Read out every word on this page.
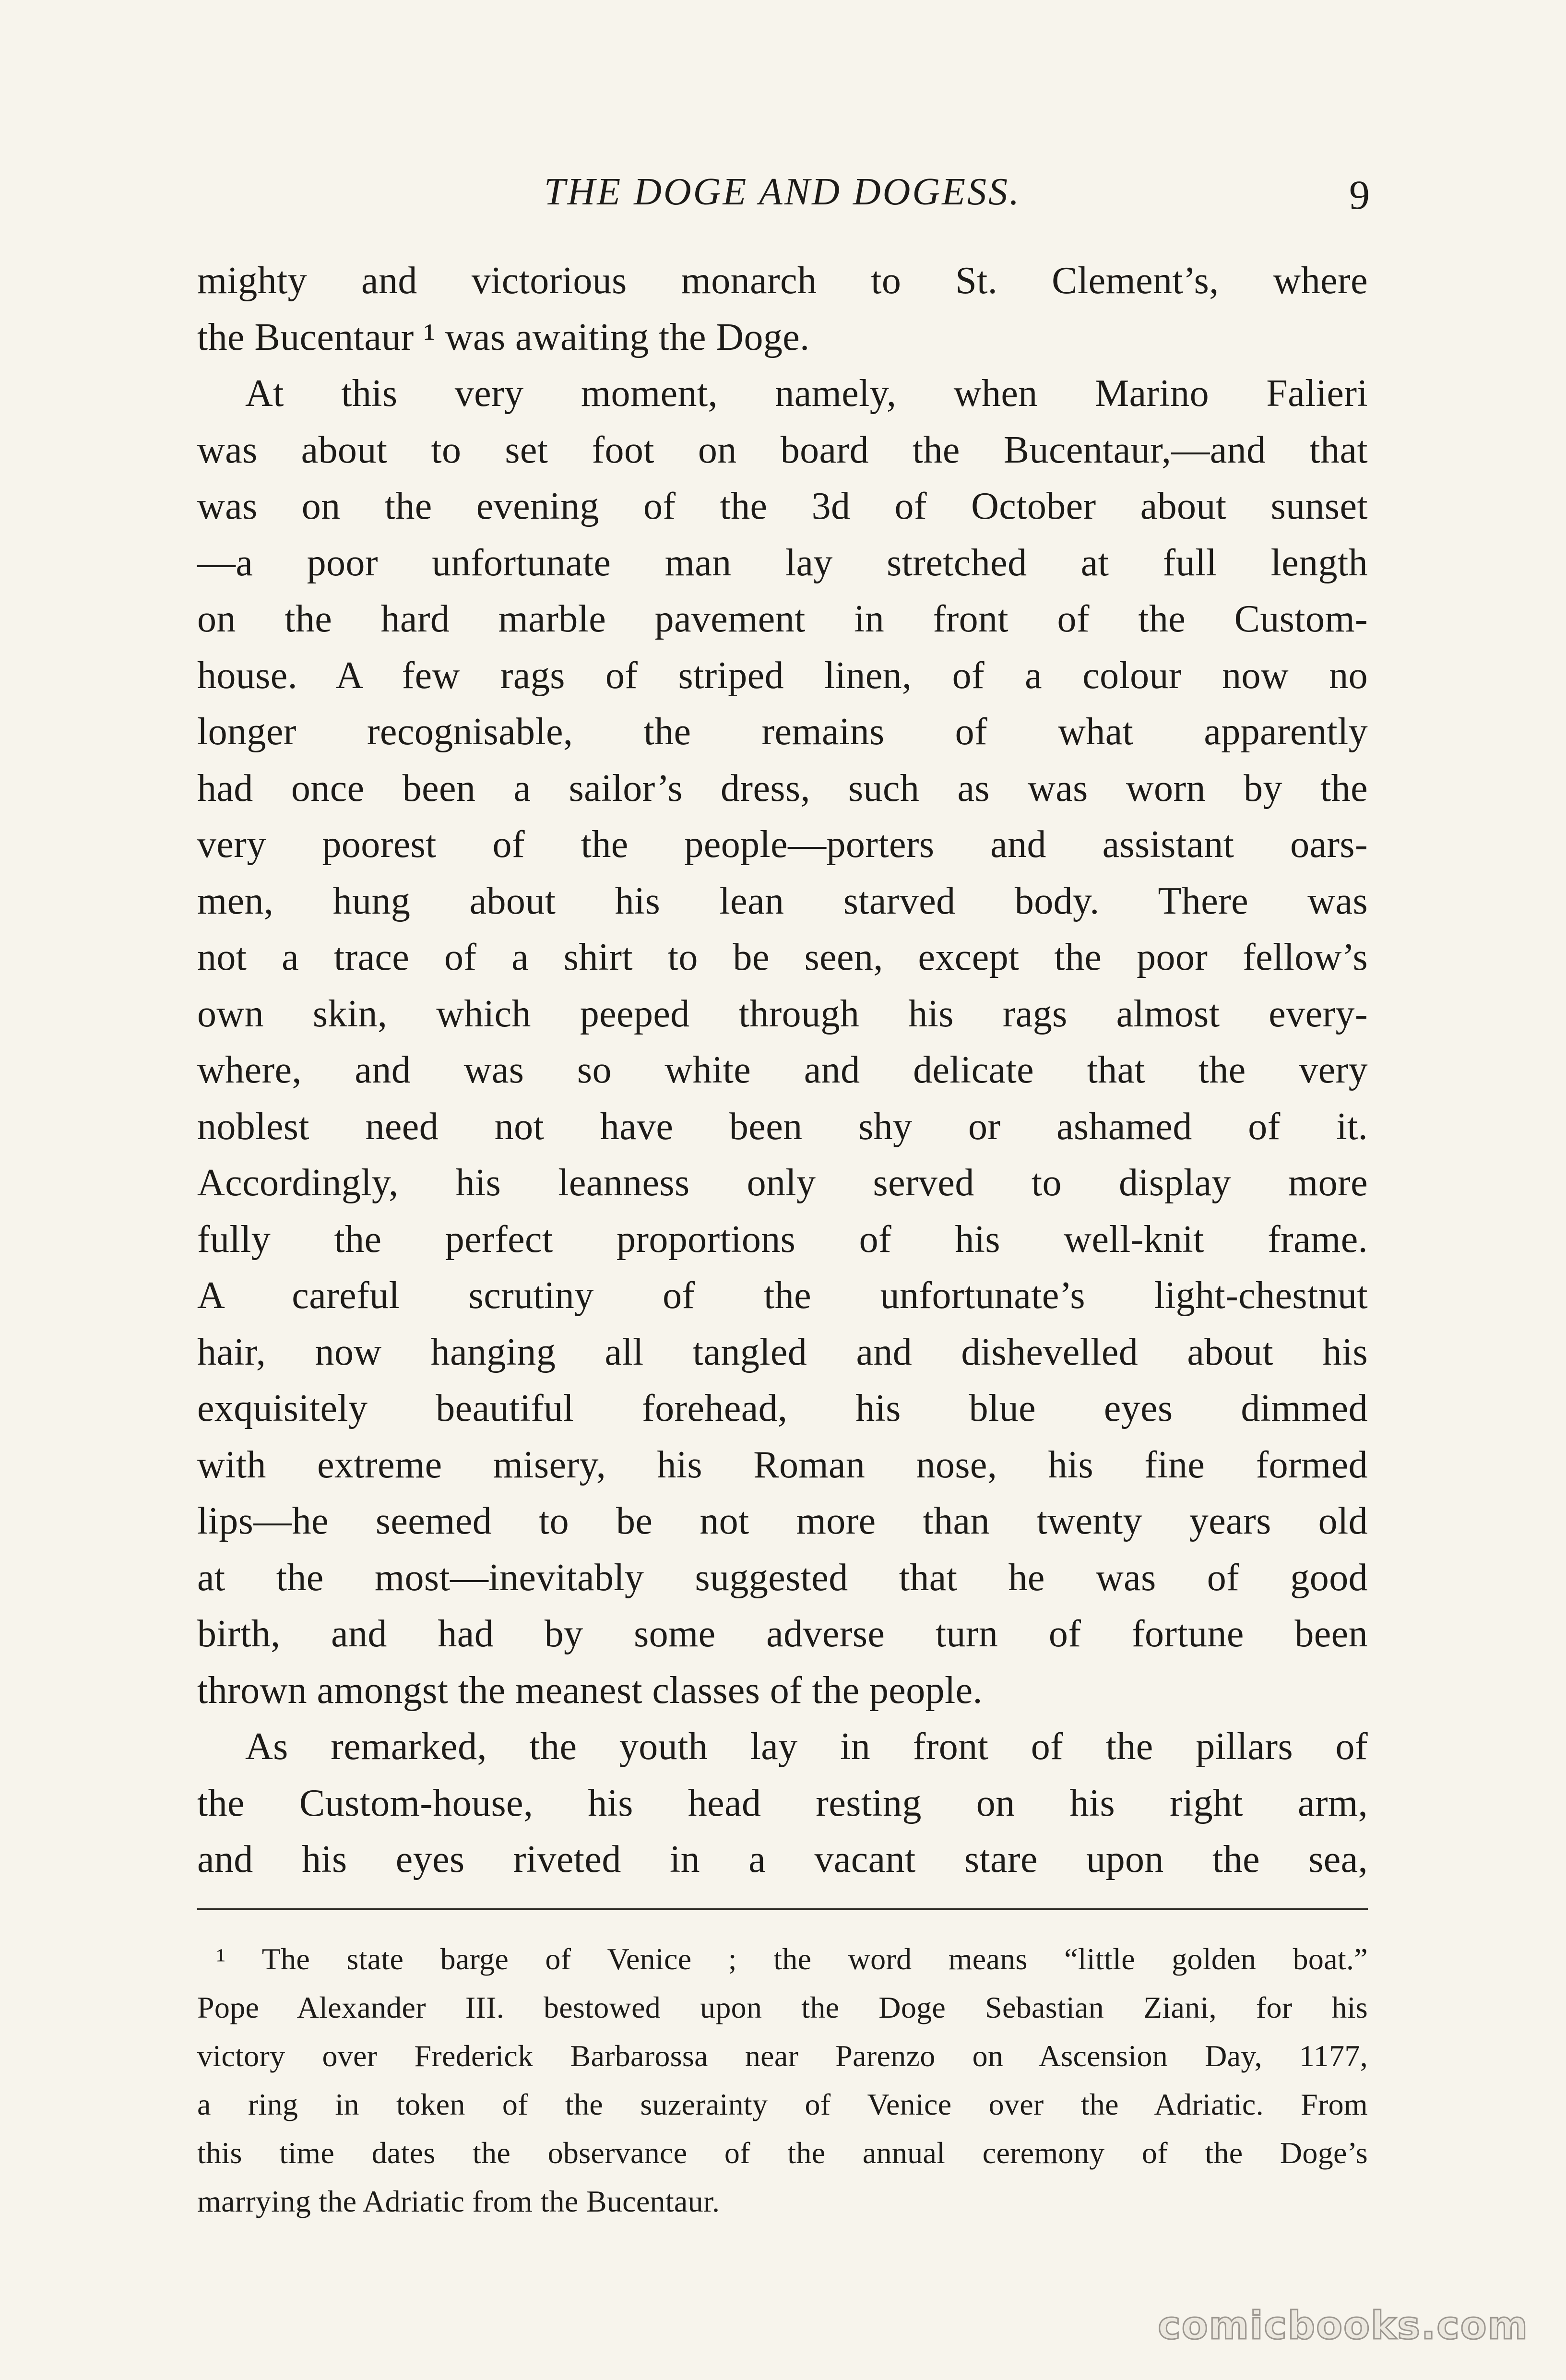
THE DOGE AND DOGESS.	9
mighty and victorious monarch to St. Clement’s, where
the Bucentaur ¹ was awaiting the Doge.
At this very moment, namely, when Marino Falieri
was about to set foot on board the Bucentaur,—and that
was on the evening of the 3d of October about sunset
—a poor unfortunate man lay stretched at full length
on the hard marble pavement in front of the Custom-
house. A few rags of striped linen, of a colour now no
longer recognisable, the remains of what apparently
had once been a sailor’s dress, such as was worn by the
very poorest of the people—porters and assistant oars-
men, hung about his lean starved body. There was
not a trace of a shirt to be seen, except the poor fellow’s
own skin, which peeped through his rags almost every-
where, and was so white and delicate that the very
noblest need not have been shy or ashamed of it.
Accordingly, his leanness only served to display more
fully the perfect proportions of his well-knit frame.
A careful scrutiny of the unfortunate’s light-chestnut
hair, now hanging all tangled and dishevelled about his
exquisitely beautiful forehead, his blue eyes dimmed
with extreme misery, his Roman nose, his fine formed
lips—he seemed to be not more than twenty years old
at the most—inevitably suggested that he was of good
birth, and had by some adverse turn of fortune been
thrown amongst the meanest classes of the people.
As remarked, the youth lay in front of the pillars of
the Custom-house, his head resting on his right arm,
and his eyes riveted in a vacant stare upon the sea,
¹ The state barge of Venice ; the word means “little golden boat.”
Pope Alexander III. bestowed upon the Doge Sebastian Ziani, for his
victory over Frederick Barbarossa near Parenzo on Ascension Day, 1177,
a ring in token of the suzerainty of Venice over the Adriatic. From
this time dates the observance of the annual ceremony of the Doge’s
marrying the Adriatic from the Bucentaur.
comicbooks.com
